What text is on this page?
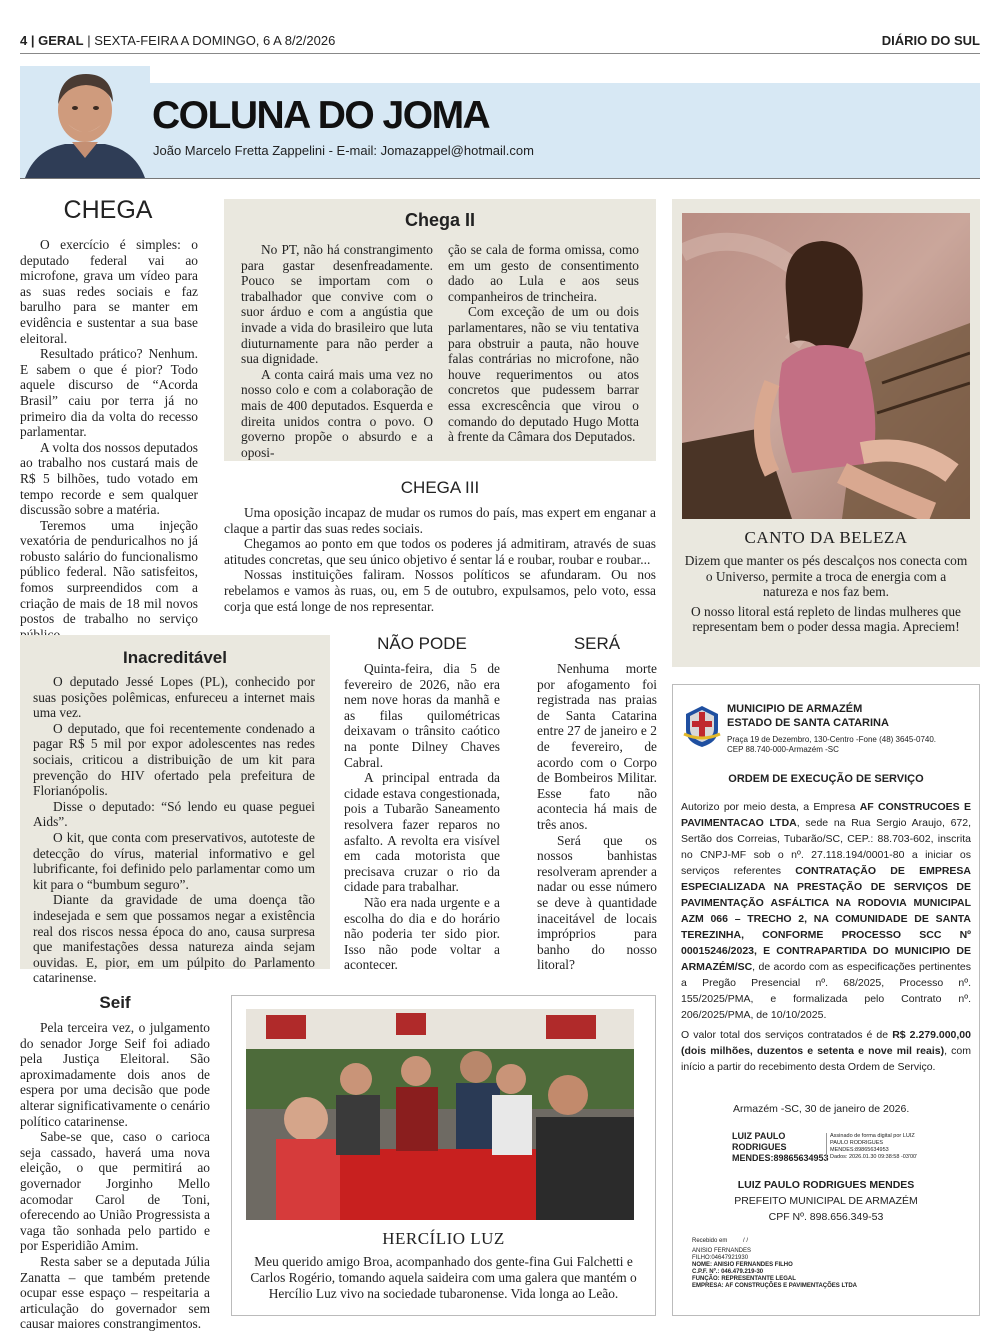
4 | GERAL | SEXTA-FEIRA A DOMINGO, 6 A 8/2/2026	DIÁRIO DO SUL
COLUNA DO JOMA
João Marcelo Fretta Zappelini - E-mail: Jomazappel@hotmail.com
CHEGA

O exercício é simples: o deputado federal vai ao microfone, grava um vídeo para as suas redes sociais e faz barulho para se manter em evidência e sustentar a sua base eleitoral.

Resultado prático? Nenhum. E sabem o que é pior? Todo aquele discurso de “Acorda Brasil” caiu por terra já no primeiro dia da volta do recesso parlamentar.

A volta dos nossos deputados ao trabalho nos custará mais de R$ 5 bilhões, tudo votado em tempo recorde e sem qualquer discussão sobre a matéria.

Teremos uma injeção vexatória de penduricalhos no já robusto salário do funcionalismo público federal. Não satisfeitos, fomos surpreendidos com a criação de mais de 18 mil novos postos de trabalho no serviço

Chega II

No PT, não há constrangimento para gastar desenfreadamente. Pouco se importam com o trabalhador que convive com o suor árduo e com a angústia que invade a vida do brasileiro que luta diuturnamente para não perder a sua dignidade.

A conta cairá mais uma vez no nosso colo e com a colaboração de mais de 400 deputados. Esquerda e direita unidos contra o povo. O governo propõe o absurdo e a oposi-

ção se cala de forma omissa, como em um gesto de consentimento dado ao Lula e aos seus companheiros de trincheira.

Com exceção de um ou dois parlamentares, não se viu tentativa para obstruir a pauta, não houve falas contrárias no microfone, não houve requerimentos ou atos concretos que pudessem barrar essa excrescência que virou o comando do deputado Hugo Motta à frente da Câmara dos Deputados.

CHEGA III

Uma oposição incapaz de mudar os rumos do país, mas expert em enganar a claque a partir das suas redes sociais.

Chegamos ao ponto em que todos os poderes já admitiram, através de suas atitudes concretas, que seu único objetivo é sentar lá e roubar, roubar e roubar...

Nossas instituições faliram. Nossos políticos se afundaram. Ou nos rebelamos e vamos às ruas, ou, em 5 de outubro, expulsamos, pelo voto, essa corja que está longe de nos representar.

CANTO DA BELEZA

Dizem que manter os pés descalços nos conecta com o Universo, permite a troca de energia com a natureza e nos faz bem.

O nosso litoral está repleto de lindas mulheres que representam bem o poder dessa magia. Apreciem!

Inacreditável

O deputado Jessé Lopes (PL), conhecido por suas posições polêmicas, enfureceu a internet mais uma vez.

O deputado, que foi recentemente condenado a pagar R$ 5 mil por expor adolescentes nas redes sociais, criticou a distribuição de um kit para prevenção do HIV ofertado pela prefeitura de Florianópolis.

Disse o deputado: “Só lendo eu quase peguei Aids”.

O kit, que conta com preservativos, autoteste de detecção do vírus, material informativo e gel lubrificante, foi definido pelo parlamentar como um kit para o “bumbum seguro”.

Diante da gravidade de uma doença tão indesejada e sem que possamos negar a existência real dos riscos nessa época do ano, causa surpresa que manifestações dessa natureza ainda sejam ouvidas. E, pior, em um púlpito do Parlamento catarinense.

NÃO PODE

Quinta-feira, dia 5 de fevereiro de 2026, não era nem nove horas da manhã e as filas quilométricas deixavam o trânsito caótico na ponte Dilney Chaves Cabral.

A principal entrada da cidade estava congestionada, pois a Tubarão Saneamento resolvera fazer reparos no asfalto. A revolta era visível em cada motorista que precisava cruzar o rio da cidade para trabalhar.

Não era nada urgente e a escolha do dia e do horário não poderia ter sido pior. Isso não pode voltar a acontecer.

SERÁ

Nenhuma morte por afogamento foi registrada nas praias de Santa Catarina entre 27 de janeiro e 2 de fevereiro, de acordo com o Corpo de Bombeiros Militar. Esse fato não acontecia há mais de três anos.

Será que os nossos banhistas resolveram aprender a nadar ou esse número se deve à quantidade inaceitável de locais impróprios para banho do nosso litoral?

MUNICIPIO DE ARMAZÉM
ESTADO DE SANTA CATARINA
Praça 19 de Dezembro, 130-Centro -Fone (48) 3645-0740.
CEP 88.740-000-Armazém -SC
ORDEM DE EXECUÇÃO DE SERVIÇO

Autorizo por meio desta, a Empresa AF CONSTRUCOES E PAVIMENTACAO LTDA, sede na Rua Sergio Araujo, 672, Sertão dos Correias, Tubarão/SC, CEP.: 88.703-602, inscrita no CNPJ-MF sob o nº. 27.118.194/0001-80 a iniciar os serviços referentes CONTRATAÇÃO DE EMPRESA ESPECIALIZADA NA PRESTAÇÃO DE SERVIÇOS DE PAVIMENTAÇÃO ASFÁLTICA NA RODOVIA MUNICIPAL AZM 066 – TRECHO 2, NA COMUNIDADE DE SANTA TEREZINHA, CONFORME PROCESSO SCC Nº 00015246/2023, E CONTRAPARTIDA DO MUNICIPIO DE ARMAZÉM/SC, de acordo com as especificações pertinentes a Pregão Presencial nº. 68/2025, Processo nº. 155/2025/PMA, e formalizada pelo Contrato nº. 206/2025/PMA, de 10/10/2025.

O valor total dos serviços contratados é de R$ 2.279.000,00 (dois milhões, duzentos e setenta e nove mil reais), com início a partir do recebimento desta Ordem de Serviço.

Armazém -SC, 30 de janeiro de 2026.
LUIZ PAULO
RODRIGUES
MENDES:89865634953
Assinado de forma digital por LUIZ
PAULO RODRIGUES
MENDES:89865634953
Dados: 2026.01.30 09:38:58 -03'00'
LUIZ PAULO RODRIGUES MENDES
PREFEITO MUNICIPAL DE ARMAZÉM
CPF Nº. 898.656.349-53
Recebido em	/ /
ANISIO FERNANDES
FILHO:04647921930
NOME: ANISIO FERNANDES FILHO
C.P.F. Nº.: 046.479.219-30
FUNÇÃO: REPRESENTANTE LEGAL
EMPRESA: AF CONSTRUÇÕES E PAVIMENTAÇÕES LTDA
Seif

Pela terceira vez, o julgamento do senador Jorge Seif foi adiado pela Justiça Eleitoral. São aproximadamente dois anos de espera por uma decisão que pode alterar significativamente o cenário político catarinense.

Sabe-se que, caso o carioca seja cassado, haverá uma nova eleição, o que permitirá ao governador Jorginho Mello acomodar Carol de Toni, oferecendo ao União Progressista a vaga tão sonhada pelo partido e por Esperidião Amim.

Resta saber se a deputada Júlia Zanatta – que também pretende ocupar esse espaço – respeitaria a articulação do governador sem causar maiores constrangimentos.

HERCÍLIO LUZ
Meu querido amigo Broa, acompanhado dos gente-fina Gui Falchetti e Carlos Rogério, tomando aquela saideira com uma galera que mantém o Hercílio Luz vivo na sociedade tubaronense. Vida longa ao Leão.
